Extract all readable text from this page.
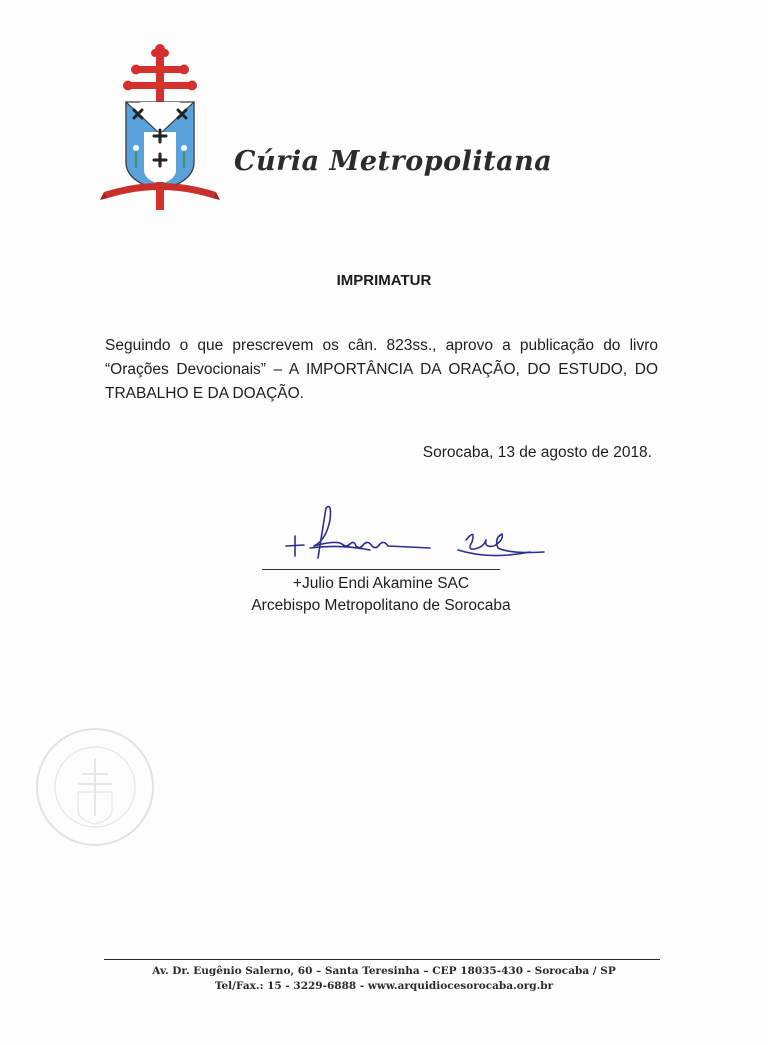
Cúria Metropolitana
IMPRIMATUR
Seguindo o que prescrevem os cân. 823ss., aprovo a publicação do livro “Orações Devocionais” – A IMPORTÂNCIA DA ORAÇÃO, DO ESTUDO, DO TRABALHO E DA DOAÇÃO.
Sorocaba, 13 de agosto de 2018.
+Julio Endi Akamine SAC
Arcebispo Metropolitano de Sorocaba
Av. Dr. Eugênio Salerno, 60 – Santa Teresinha – CEP 18035-430 - Sorocaba / SP
Tel/Fax.: 15 - 3229-6888 - www.arquidiocesorocaba.org.br
